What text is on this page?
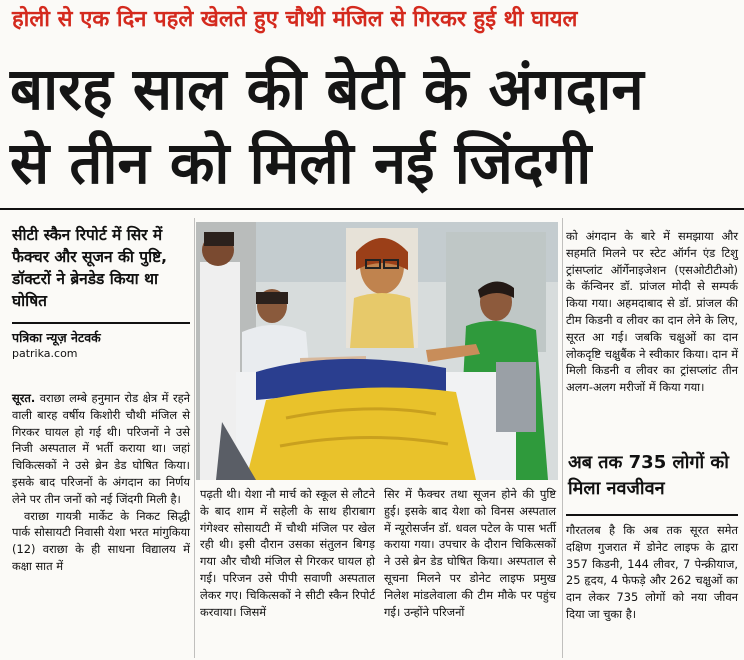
होली से एक दिन पहले खेलते हुए चौथी मंजिल से गिरकर हुई थी घायल
बारह साल की बेटी के अंगदान
से तीन को मिली नई जिंदगी
सीटी स्कैन रिपोर्ट में सिर में फैक्चर और सूजन की पुष्टि, डॉक्टरों ने ब्रेनडेड किया था घोषित
पत्रिका न्यूज़ नेटवर्क
patrika.com

सूरत. वराछा लम्बे हनुमान रोड क्षेत्र में रहने वाली बारह वर्षीय किशोरी चौथी मंजिल से गिरकर घायल हो गई थी। परिजनों ने उसे निजी अस्पताल में भर्ती कराया था। जहां चिकित्सकों ने उसे ब्रेन डेड घोषित किया। इसके बाद परिजनों के अंगदान का निर्णय लेने पर तीन जनों को नई जिंदगी मिली है।

वराछा गायत्री मार्केट के निकट सिद्धी पार्क सोसायटी निवासी येशा भरत मांगुकिया (12) वराछा के ही साधना विद्यालय में कक्षा सात में

पढ़ती थी। येशा नौ मार्च को स्कूल से लौटने के बाद शाम में सहेली के साथ हीराबाग गंगेश्वर सोसायटी में चौथी मंजिल पर खेल रही थी। इसी दौरान उसका संतुलन बिगड़ गया और चौथी मंजिल से गिरकर घायल हो गई। परिजन उसे पीपी सवाणी अस्पताल लेकर गए। चिकित्सकों ने सीटी स्कैन रिपोर्ट करवाया। जिसमें
सिर में फैक्चर तथा सूजन होने की पुष्टि हुई। इसके बाद येशा को विनस अस्पताल में न्यूरोसर्जन डॉ. धवल पटेल के पास भर्ती कराया गया। उपचार के दौरान चिकित्सकों ने उसे ब्रेन डेड घोषित किया। अस्पताल से सूचना मिलने पर डोनेट लाइफ प्रमुख निलेश मांडलेवाला की टीम मौके पर पहुंच गई। उन्होंने परिजनों
को अंगदान के बारे में समझाया और सहमति मिलने पर स्टेट ऑर्गन एंड टिशु ट्रांसप्लांट ऑर्गेनाइजेशन (एसओटीटीओ) के कॅन्विनर डॉ. प्रांजल मोदी से सम्पर्क किया गया। अहमदाबाद से डॉ. प्रांजल की टीम किडनी व लीवर का दान लेने के लिए, सूरत आ गई। जबकि चक्षुओं का दान लोकदृष्टि चक्षुबैंक ने स्वीकार किया। दान में मिली किडनी व लीवर का ट्रांसप्लांट तीन अलग-अलग मरीजों में किया गया।
अब तक 735 लोगों को मिला नवजीवन
गौरतलब है कि अब तक सूरत समेत दक्षिण गुजरात में डोनेट लाइफ के द्वारा 357 किडनी, 144 लीवर, 7 पेन्क्रीयाज, 25 हृदय, 4 फेफड़े और 262 चक्षुओं का दान लेकर 735 लोगों को नया जीवन दिया जा चुका है।
